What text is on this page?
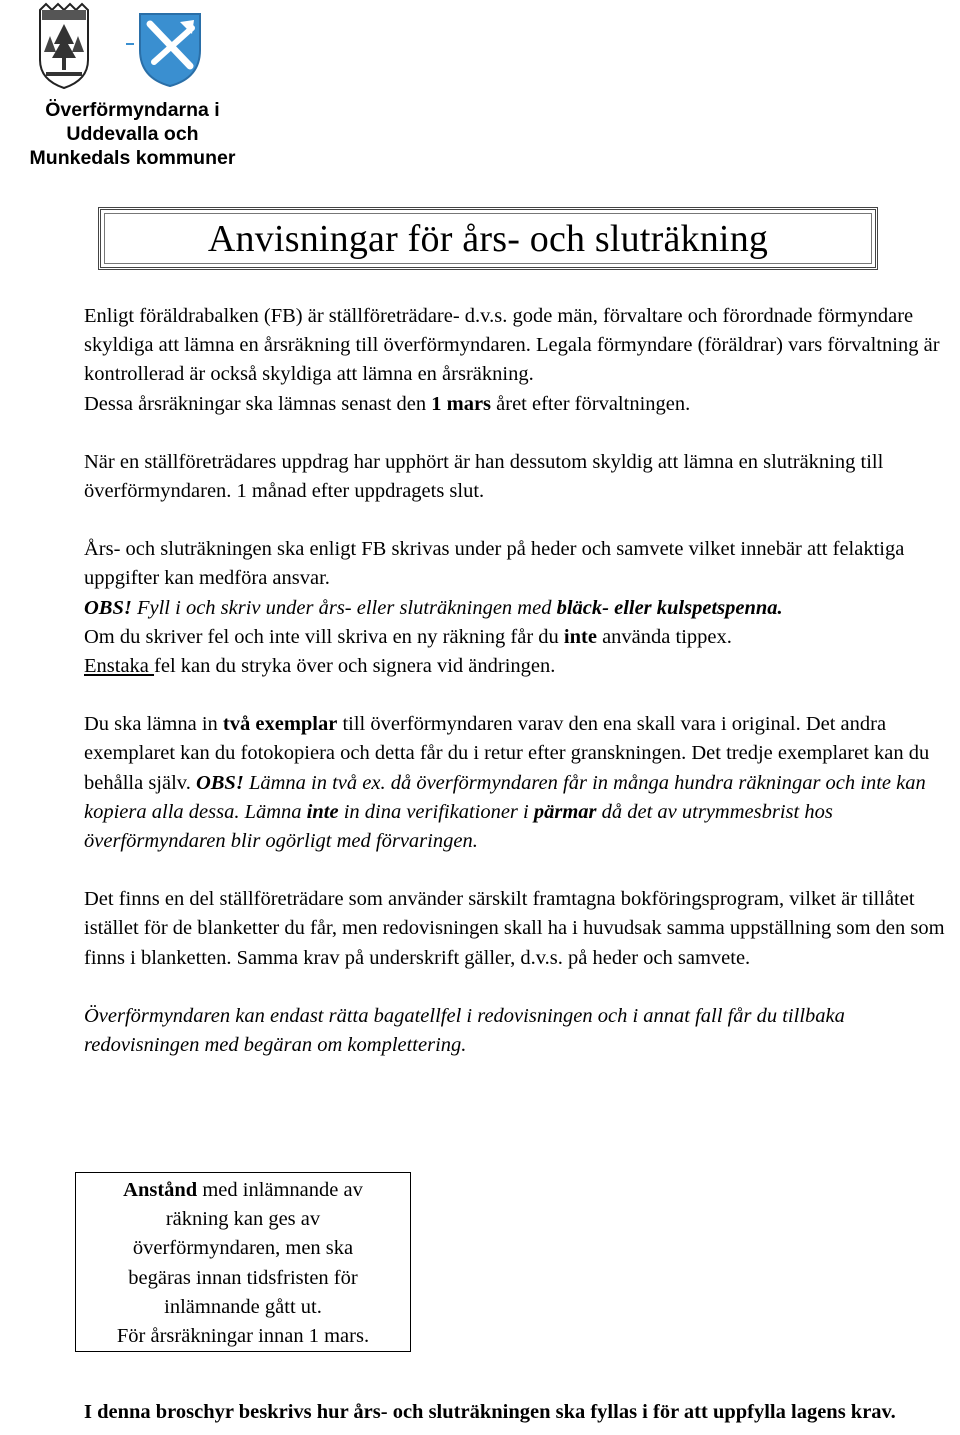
Överförmyndarna i
Uddevalla och
Munkedals kommuner
Anvisningar för års- och sluträkning

Enligt föräldrabalken (FB) är ställföreträdare- d.v.s. gode män, förvaltare och förordnade förmyndare skyldiga att lämna en årsräkning till överförmyndaren. Legala förmyndare (föräldrar) vars förvaltning är kontrollerad är också skyldiga att lämna en årsräkning.
Dessa årsräkningar ska lämnas senast den 1 mars året efter förvaltningen.

När en ställföreträdares uppdrag har upphört är han dessutom skyldig att lämna en sluträkning till överförmyndaren. 1 månad efter uppdragets slut.

Års- och sluträkningen ska enligt FB skrivas under på heder och samvete vilket innebär att felaktiga uppgifter kan medföra ansvar.
OBS! Fyll i och skriv under års- eller sluträkningen med bläck- eller kulspetspenna.
Om du skriver fel och inte vill skriva en ny räkning får du inte använda tippex.
Enstaka fel kan du stryka över och signera vid ändringen.

Du ska lämna in två exemplar till överförmyndaren varav den ena skall vara i original. Det andra exemplaret kan du fotokopiera och detta får du i retur efter granskningen. Det tredje exemplaret kan du behålla själv. OBS! Lämna in två ex. då överförmyndaren får in många hundra räkningar och inte kan kopiera alla dessa. Lämna inte in dina verifikationer i pärmar då det av utrymmesbrist hos överförmyndaren blir ogörligt med förvaringen.

Det finns en del ställföreträdare som använder särskilt framtagna bokföringsprogram, vilket är tillåtet istället för de blanketter du får, men redovisningen skall ha i huvudsak samma uppställning som den som finns i blanketten. Samma krav på underskrift gäller, d.v.s. på heder och samvete.

Överförmyndaren kan endast rätta bagatellfel i redovisningen och i annat fall får du tillbaka redovisningen med begäran om komplettering.

Anstånd med inlämnande av
räkning kan ges av
överförmyndaren, men ska
begäras innan tidsfristen för
inlämnande gått ut.
För årsräkningar innan 1 mars.

I denna broschyr beskrivs hur års- och sluträkningen ska fyllas i för att uppfylla lagens krav.
